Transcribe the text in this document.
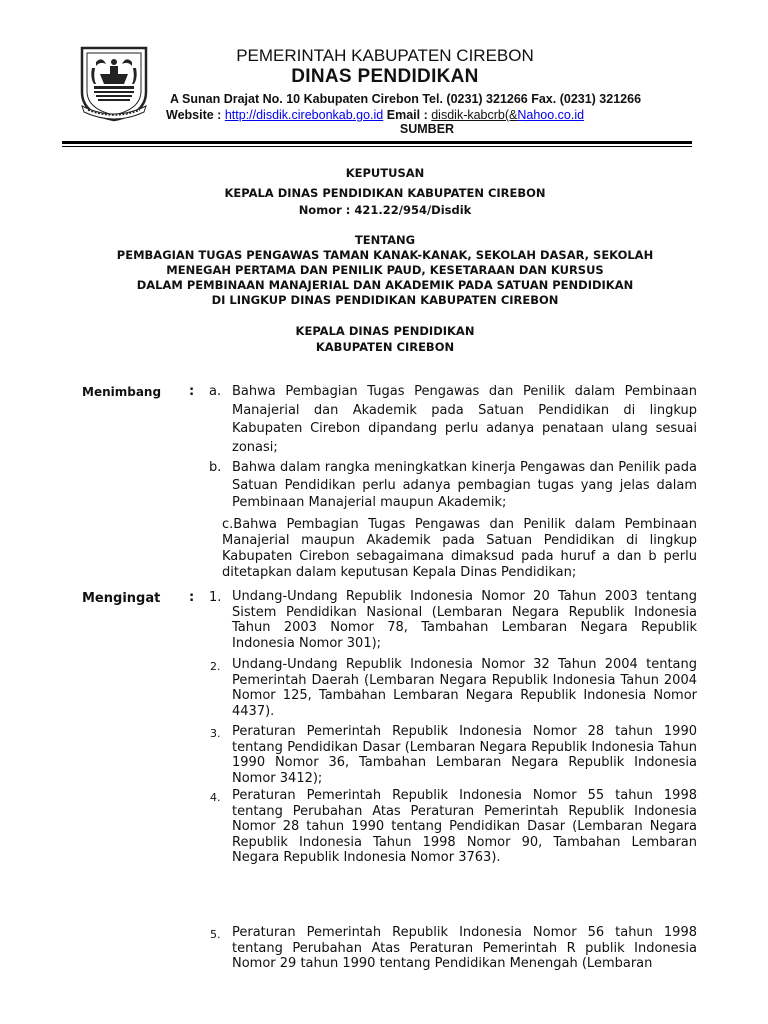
PEMERINTAH KABUPATEN CIREBON
DINAS PENDIDIKAN
A Sunan Drajat No. 10 Kabupaten Cirebon Tel. (0231) 321266 Fax. (0231) 321266
Website : http://disdik.cirebonkab.go.id Email : disdik-kabcrb(&Nahoo.co.id
SUMBER
KEPUTUSAN
KEPALA DINAS PENDIDIKAN KABUPATEN CIREBON
Nomor : 421.22/954/Disdik
TENTANG
PEMBAGIAN TUGAS PENGAWAS TAMAN KANAK-KANAK, SEKOLAH DASAR, SEKOLAH
MENEGAH PERTAMA DAN PENILIK PAUD, KESETARAAN DAN KURSUS
DALAM PEMBINAAN MANAJERIAL DAN AKADEMIK PADA SATUAN PENDIDIKAN
DI LINGKUP DINAS PENDIDIKAN KABUPATEN CIREBON
KEPALA DINAS PENDIDIKAN
KABUPATEN CIREBON
Menimbang : a. Bahwa Pembagian Tugas Pengawas dan Penilik dalam Pembinaan Manajerial dan Akademik pada Satuan Pendidikan di lingkup Kabupaten Cirebon dipandang perlu adanya penataan ulang sesuai zonasi;
b. Bahwa dalam rangka meningkatkan kinerja Pengawas dan Penilik pada Satuan Pendidikan perlu adanya pembagian tugas yang jelas dalam Pembinaan Manajerial maupun Akademik;
c.Bahwa Pembagian Tugas Pengawas dan Penilik dalam Pembinaan Manajerial maupun Akademik pada Satuan Pendidikan di lingkup Kabupaten Cirebon sebagaimana dimaksud pada huruf a dan b perlu ditetapkan dalam keputusan Kepala Dinas Pendidikan;
Mengingat : 1. Undang-Undang Republik Indonesia Nomor 20 Tahun 2003 tentang Sistem Pendidikan Nasional (Lembaran Negara Republik Indonesia Tahun 2003 Nomor 78, Tambahan Lembaran Negara Republik Indonesia Nomor 301);
2. Undang-Undang Republik Indonesia Nomor 32 Tahun 2004 tentang Pemerintah Daerah (Lembaran Negara Republik Indonesia Tahun 2004 Nomor 125, Tambahan Lembaran Negara Republik Indonesia Nomor 4437).
3. Peraturan Pemerintah Republik Indonesia Nomor 28 tahun 1990 tentang Pendidikan Dasar (Lembaran Negara Republik Indonesia Tahun 1990 Nomor 36, Tambahan Lembaran Negara Republik Indonesia Nomor 3412);
4. Peraturan Pemerintah Republik Indonesia Nomor 55 tahun 1998 tentang Perubahan Atas Peraturan Pemerintah Republik Indonesia Nomor 28 tahun 1990 tentang Pendidikan Dasar (Lembaran Negara Republik Indonesia Tahun 1998 Nomor 90, Tambahan Lembaran Negara Republik Indonesia Nomor 3763).
5. Peraturan Pemerintah Republik Indonesia Nomor 56 tahun 1998 tentang Perubahan Atas Peraturan Pemerintah R publik Indonesia Nomor 29 tahun 1990 tentang Pendidikan Menengah (Lembaran
